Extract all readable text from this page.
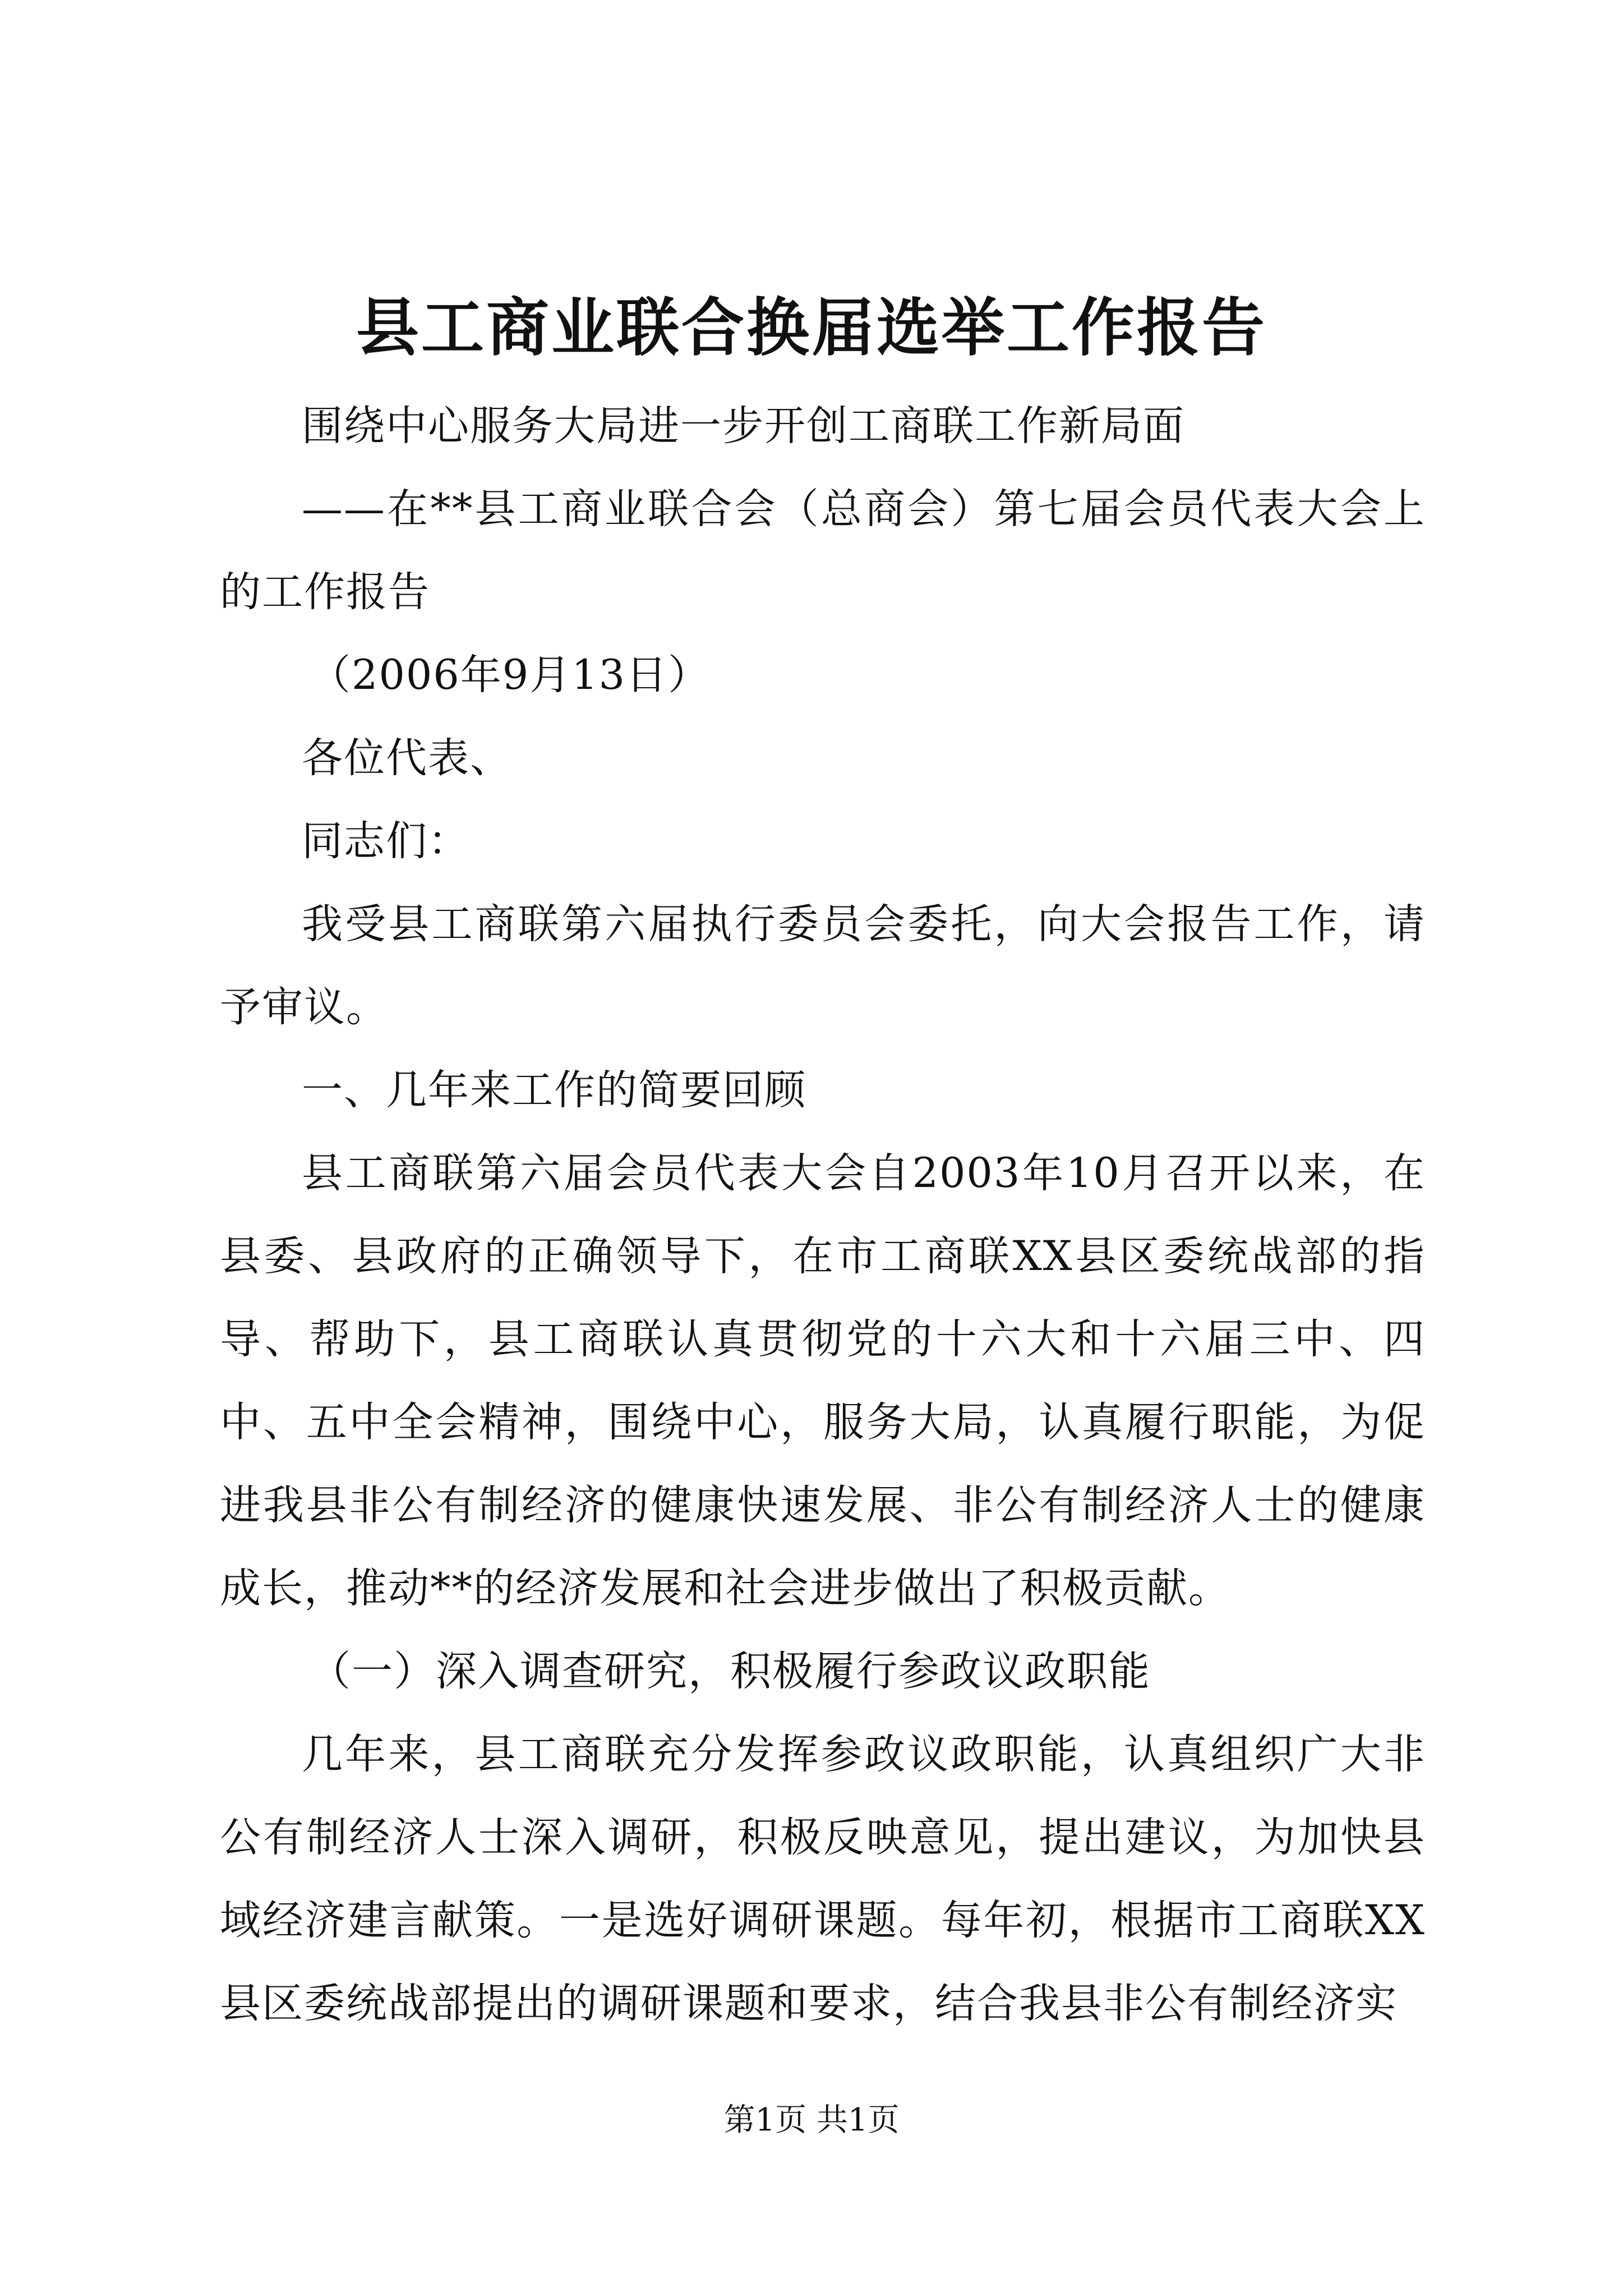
县工商业联合换届选举工作报告

围绕中心服务大局进一步开创工商联工作新局面

——在**县工商业联合会（总商会）第七届会员代表大会上的工作报告

（2006年9月13日）

各位代表、

同志们：

我受县工商联第六届执行委员会委托，向大会报告工作，请予审议。

一、几年来工作的简要回顾

县工商联第六届会员代表大会自2003年10月召开以来，在县委、县政府的正确领导下，在市工商联XX县区委统战部的指导、帮助下，县工商联认真贯彻党的十六大和十六届三中、四中、五中全会精神，围绕中心，服务大局，认真履行职能，为促进我县非公有制经济的健康快速发展、非公有制经济人士的健康成长，推动**的经济发展和社会进步做出了积极贡献。

（一）深入调查研究，积极履行参政议政职能

几年来，县工商联充分发挥参政议政职能，认真组织广大非公有制经济人士深入调研，积极反映意见，提出建议，为加快县域经济建言献策。一是选好调研课题。每年初，根据市工商联XX县区委统战部提出的调研课题和要求，结合我县非公有制经济实

第1页 共1页
